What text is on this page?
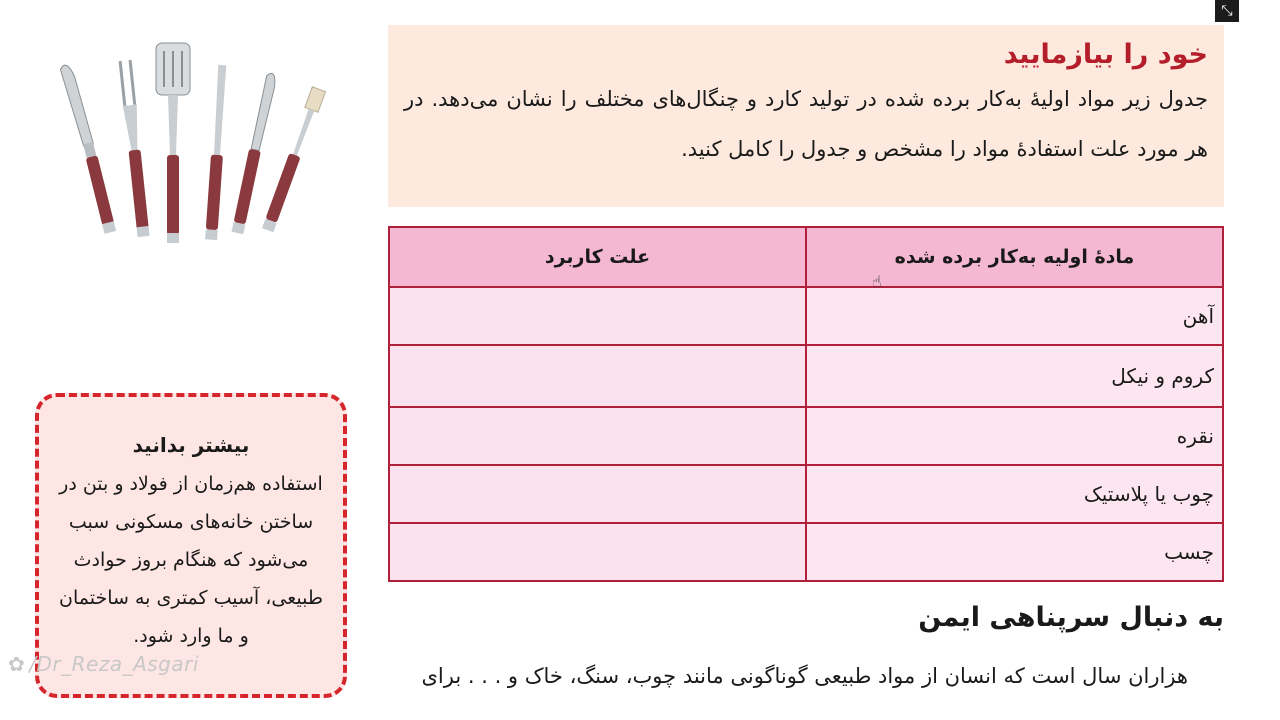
⤡
خود را بیازمایید

جدول زیر مواد اولیهٔ به‌کار برده شده در تولید کارد و چنگال‌های مختلف را نشان می‌دهد. در هر مورد علت استفادهٔ مواد را مشخص و جدول را کامل کنید.

مادهٔ اولیه به‌کار برده شده	علت کاربرد
آهن	
کروم و نیکل	
نقره	
چوب یا پلاستیک	
چسب	
☝
بیشتر بدانید

استفاده هم‌زمان از فولاد و بتن در ساختن خانه‌های مسکونی سبب می‌شود که هنگام بروز حوادث طبیعی، آسیب کمتری به ساختمان و ما وارد شود.

✿ /Dr_Reza_Asgari
به دنبال سرپناهی ایمن

هزاران سال است که انسان از مواد طبیعی گوناگونی مانند چوب، سنگ، خاک و . . . برای
